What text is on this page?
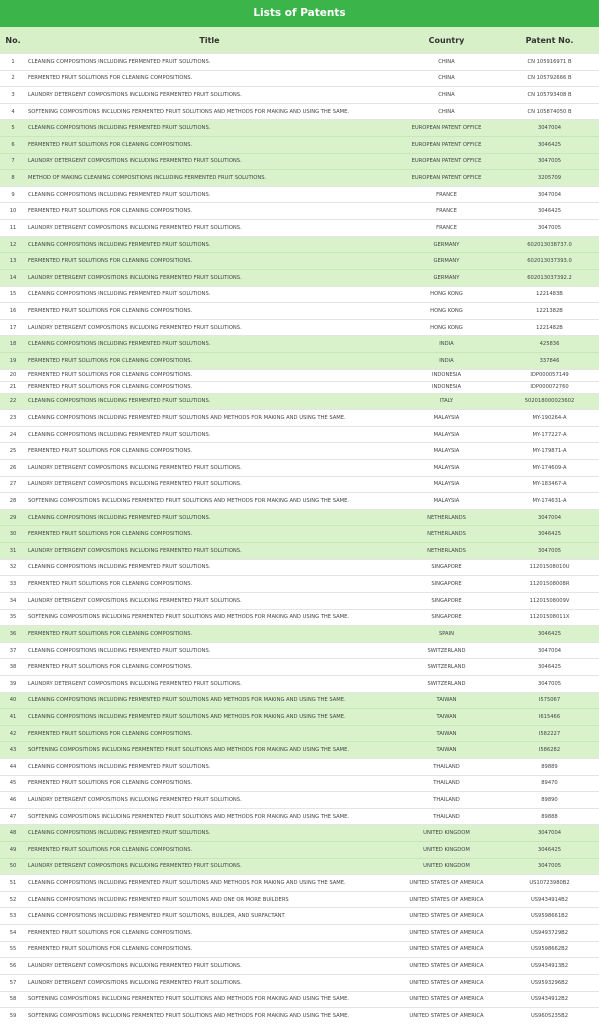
Lists of Patents
No.	Title	Country	Patent No.
1	CLEANING COMPOSITIONS INCLUDING FERMENTED FRUIT SOLUTIONS.	CHINA	CN 105916971 B
2	FERMENTED FRUIT SOLUTIONS FOR CLEANING COMPOSITIONS.	CHINA	CN 105792666 B
3	LAUNDRY DETERGENT COMPOSITIONS INCLUDING FERMENTED FRUIT SOLUTIONS.	CHINA	CN 105793408 B
4	SOFTENING COMPOSITIONS INCLUDING FERMENTED FRUIT SOLUTIONS AND METHODS FOR MAKING AND USING THE SAME.	CHINA	CN 105874050 B
5	CLEANING COMPOSITIONS INCLUDING FERMENTED FRUIT SOLUTIONS.	EUROPEAN PATENT OFFICE	3047004
6	FERMENTED FRUIT SOLUTIONS FOR CLEANING COMPOSITIONS.	EUROPEAN PATENT OFFICE	3046425
7	LAUNDRY DETERGENT COMPOSITIONS INCLUDING FERMENTED FRUIT SOLUTIONS.	EUROPEAN PATENT OFFICE	3047005
8	METHOD OF MAKING CLEANING COMPOSITIONS INCLUDING FERMENTED FRUIT SOLUTIONS.	EUROPEAN PATENT OFFICE	3205709
9	CLEANING COMPOSITIONS INCLUDING FERMENTED FRUIT SOLUTIONS.	FRANCE	3047004
10	FERMENTED FRUIT SOLUTIONS FOR CLEANING COMPOSITIONS.	FRANCE	3046425
11	LAUNDRY DETERGENT COMPOSITIONS INCLUDING FERMENTED FRUIT SOLUTIONS.	FRANCE	3047005
12	CLEANING COMPOSITIONS INCLUDING FERMENTED FRUIT SOLUTIONS.	GERMANY	602013038737.0
13	FERMENTED FRUIT SOLUTIONS FOR CLEANING COMPOSITIONS.	GERMANY	602013037393.0
14	LAUNDRY DETERGENT COMPOSITIONS INCLUDING FERMENTED FRUIT SOLUTIONS.	GERMANY	602013037392.2
15	CLEANING COMPOSITIONS INCLUDING FERMENTED FRUIT SOLUTIONS.	HONG KONG	1221483B
16	FERMENTED FRUIT SOLUTIONS FOR CLEANING COMPOSITIONS.	HONG KONG	1221382B
17	LAUNDRY DETERGENT COMPOSITIONS INCLUDING FERMENTED FRUIT SOLUTIONS.	HONG KONG	1221482B
18	CLEANING COMPOSITIONS INCLUDING FERMENTED FRUIT SOLUTIONS.	INDIA	425836
19	FERMENTED FRUIT SOLUTIONS FOR CLEANING COMPOSITIONS.	INDIA	337846
20	FERMENTED FRUIT SOLUTIONS FOR CLEANING COMPOSITIONS.	INDONESIA	IDP000057149
21	FERMENTED FRUIT SOLUTIONS FOR CLEANING COMPOSITIONS.	INDONESIA	IDP000072760
22	CLEANING COMPOSITIONS INCLUDING FERMENTED FRUIT SOLUTIONS.	ITALY	502018000023602
23	CLEANING COMPOSITIONS INCLUDING FERMENTED FRUIT SOLUTIONS AND METHODS FOR MAKING AND USING THE SAME.	MALAYSIA	MY-190264-A
24	CLEANING COMPOSITIONS INCLUDING FERMENTED FRUIT SOLUTIONS.	MALAYSIA	MY-177227-A
25	FERMENTED FRUIT SOLUTIONS FOR CLEANING COMPOSITIONS.	MALAYSIA	MY-179871-A
26	LAUNDRY DETERGENT COMPOSITIONS INCLUDING FERMENTED FRUIT SOLUTIONS.	MALAYSIA	MY-174609-A
27	LAUNDRY DETERGENT COMPOSITIONS INCLUDING FERMENTED FRUIT SOLUTIONS.	MALAYSIA	MY-183467-A
28	SOFTENING COMPOSITIONS INCLUDING FERMENTED FRUIT SOLUTIONS AND METHODS FOR MAKING AND USING THE SAME.	MALAYSIA	MY-174631-A
29	CLEANING COMPOSITIONS INCLUDING FERMENTED FRUIT SOLUTIONS.	NETHERLANDS	3047004
30	FERMENTED FRUIT SOLUTIONS FOR CLEANING COMPOSITIONS.	NETHERLANDS	3046425
31	LAUNDRY DETERGENT COMPOSITIONS INCLUDING FERMENTED FRUIT SOLUTIONS.	NETHERLANDS	3047005
32	CLEANING COMPOSITIONS INCLUDING FERMENTED FRUIT SOLUTIONS.	SINGAPORE	11201508010U
33	FERMENTED FRUIT SOLUTIONS FOR CLEANING COMPOSITIONS.	SINGAPORE	11201508008R
34	LAUNDRY DETERGENT COMPOSITIONS INCLUDING FERMENTED FRUIT SOLUTIONS.	SINGAPORE	11201508009V
35	SOFTENING COMPOSITIONS INCLUDING FERMENTED FRUIT SOLUTIONS AND METHODS FOR MAKING AND USING THE SAME.	SINGAPORE	11201508011X
36	FERMENTED FRUIT SOLUTIONS FOR CLEANING COMPOSITIONS.	SPAIN	3046425
37	CLEANING COMPOSITIONS INCLUDING FERMENTED FRUIT SOLUTIONS.	SWITZERLAND	3047004
38	FERMENTED FRUIT SOLUTIONS FOR CLEANING COMPOSITIONS.	SWITZERLAND	3046425
39	LAUNDRY DETERGENT COMPOSITIONS INCLUDING FERMENTED FRUIT SOLUTIONS.	SWITZERLAND	3047005
40	CLEANING COMPOSITIONS INCLUDING FERMENTED FRUIT SOLUTIONS AND METHODS FOR MAKING AND USING THE SAME.	TAIWAN	I575067
41	CLEANING COMPOSITIONS INCLUDING FERMENTED FRUIT SOLUTIONS AND METHODS FOR MAKING AND USING THE SAME.	TAIWAN	I615466
42	FERMENTED FRUIT SOLUTIONS FOR CLEANING COMPOSITIONS.	TAIWAN	I582227
43	SOFTENING COMPOSITIONS INCLUDING FERMENTED FRUIT SOLUTIONS AND METHODS FOR MAKING AND USING THE SAME.	TAIWAN	I586282
44	CLEANING COMPOSITIONS INCLUDING FERMENTED FRUIT SOLUTIONS.	THAILAND	89889
45	FERMENTED FRUIT SOLUTIONS FOR CLEANING COMPOSITIONS.	THAILAND	89470
46	LAUNDRY DETERGENT COMPOSITIONS INCLUDING FERMENTED FRUIT SOLUTIONS.	THAILAND	89890
47	SOFTENING COMPOSITIONS INCLUDING FERMENTED FRUIT SOLUTIONS AND METHODS FOR MAKING AND USING THE SAME.	THAILAND	89888
48	CLEANING COMPOSITIONS INCLUDING FERMENTED FRUIT SOLUTIONS.	UNITED KINGDOM	3047004
49	FERMENTED FRUIT SOLUTIONS FOR CLEANING COMPOSITIONS.	UNITED KINGDOM	3046425
50	LAUNDRY DETERGENT COMPOSITIONS INCLUDING FERMENTED FRUIT SOLUTIONS.	UNITED KINGDOM	3047005
51	CLEANING COMPOSITIONS INCLUDING FERMENTED FRUIT SOLUTIONS AND METHODS FOR MAKING AND USING THE SAME.	UNITED STATES OF AMERICA	US10723980B2
52	CLEANING COMPOSITIONS INCLUDING FERMENTED FRUIT SOLUTIONS AND ONE OR MORE BUILDERS	UNITED STATES OF AMERICA	US9434914B2
53	CLEANING COMPOSITIONS INCLUDING FERMENTED FRUIT SOLUTIONS, BUILDER, AND SURFACTANT	UNITED STATES OF AMERICA	US9598661B2
54	FERMENTED FRUIT SOLUTIONS FOR CLEANING COMPOSITIONS.	UNITED STATES OF AMERICA	US9493729B2
55	FERMENTED FRUIT SOLUTIONS FOR CLEANING COMPOSITIONS.	UNITED STATES OF AMERICA	US9598662B2
56	LAUNDRY DETERGENT COMPOSITIONS INCLUDING FERMENTED FRUIT SOLUTIONS.	UNITED STATES OF AMERICA	US9434913B2
57	LAUNDRY DETERGENT COMPOSITIONS INCLUDING FERMENTED FRUIT SOLUTIONS.	UNITED STATES OF AMERICA	US9593296B2
58	SOFTENING COMPOSITIONS INCLUDING FERMENTED FRUIT SOLUTIONS AND METHODS FOR MAKING AND USING THE SAME.	UNITED STATES OF AMERICA	US9434912B2
59	SOFTENING COMPOSITIONS INCLUDING FERMENTED FRUIT SOLUTIONS AND METHODS FOR MAKING AND USING THE SAME.	UNITED STATES OF AMERICA	US9605235B2
